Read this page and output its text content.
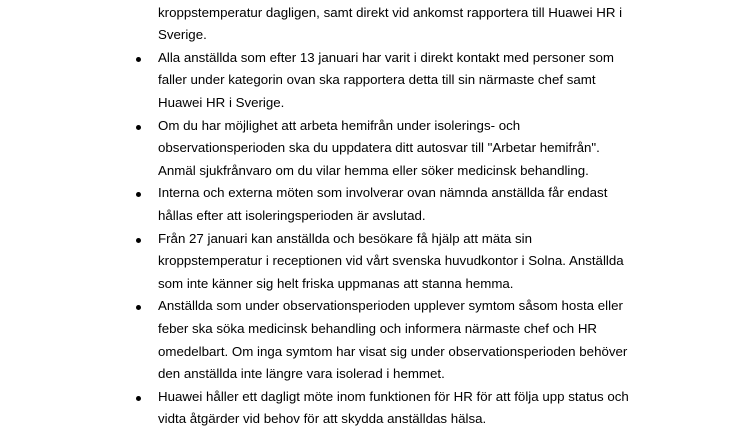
kroppstemperatur dagligen, samt direkt vid ankomst rapportera till Huawei HR i
Sverige.
Alla anställda som efter 13 januari har varit i direkt kontakt med personer som
faller under kategorin ovan ska rapportera detta till sin närmaste chef samt
Huawei HR i Sverige.
Om du har möjlighet att arbeta hemifrån under isolerings- och
observationsperioden ska du uppdatera ditt autosvar till "Arbetar hemifrån".
Anmäl sjukfrånvaro om du vilar hemma eller söker medicinsk behandling.
Interna och externa möten som involverar ovan nämnda anställda får endast
hållas efter att isoleringsperioden är avslutad.
Från 27 januari kan anställda och besökare få hjälp att mäta sin
kroppstemperatur i receptionen vid vårt svenska huvudkontor i Solna. Anställda
som inte känner sig helt friska uppmanas att stanna hemma.
Anställda som under observationsperioden upplever symtom såsom hosta eller
feber ska söka medicinsk behandling och informera närmaste chef och HR
omedelbart. Om inga symtom har visat sig under observationsperioden behöver
den anställda inte längre vara isolerad i hemmet.
Huawei håller ett dagligt möte inom funktionen för HR för att följa upp status och
vidta åtgärder vid behov för att skydda anställdas hälsa.
